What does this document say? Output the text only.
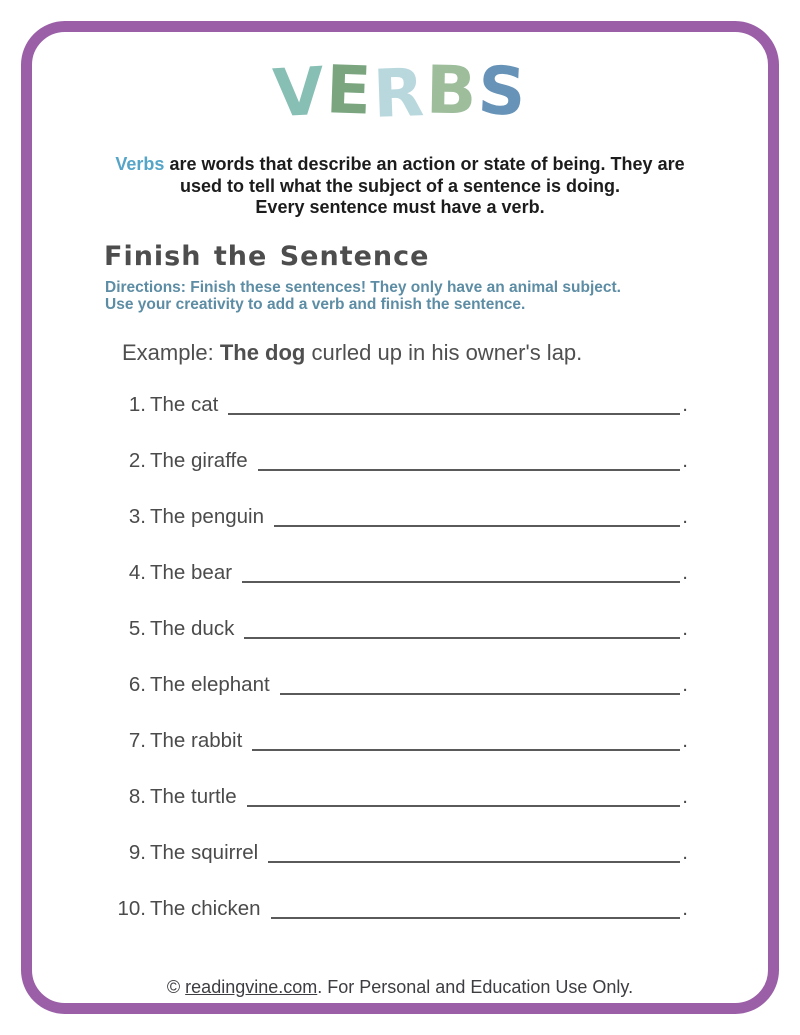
VERBS

Verbs are words that describe an action or state of being. They are
used to tell what the subject of a sentence is doing.
Every sentence must have a verb.

Finish the Sentence

Directions: Finish these sentences! They only have an animal subject.
Use your creativity to add a verb and finish the sentence.

Example: The dog curled up in his owner's lap.

1. The cat	.
2. The giraffe	.
3. The penguin	.
4. The bear	.
5. The duck	.
6. The elephant	.
7. The rabbit	.
8. The turtle	.
9. The squirrel	.
10. The chicken	.
© readingvine.com. For Personal and Education Use Only.
